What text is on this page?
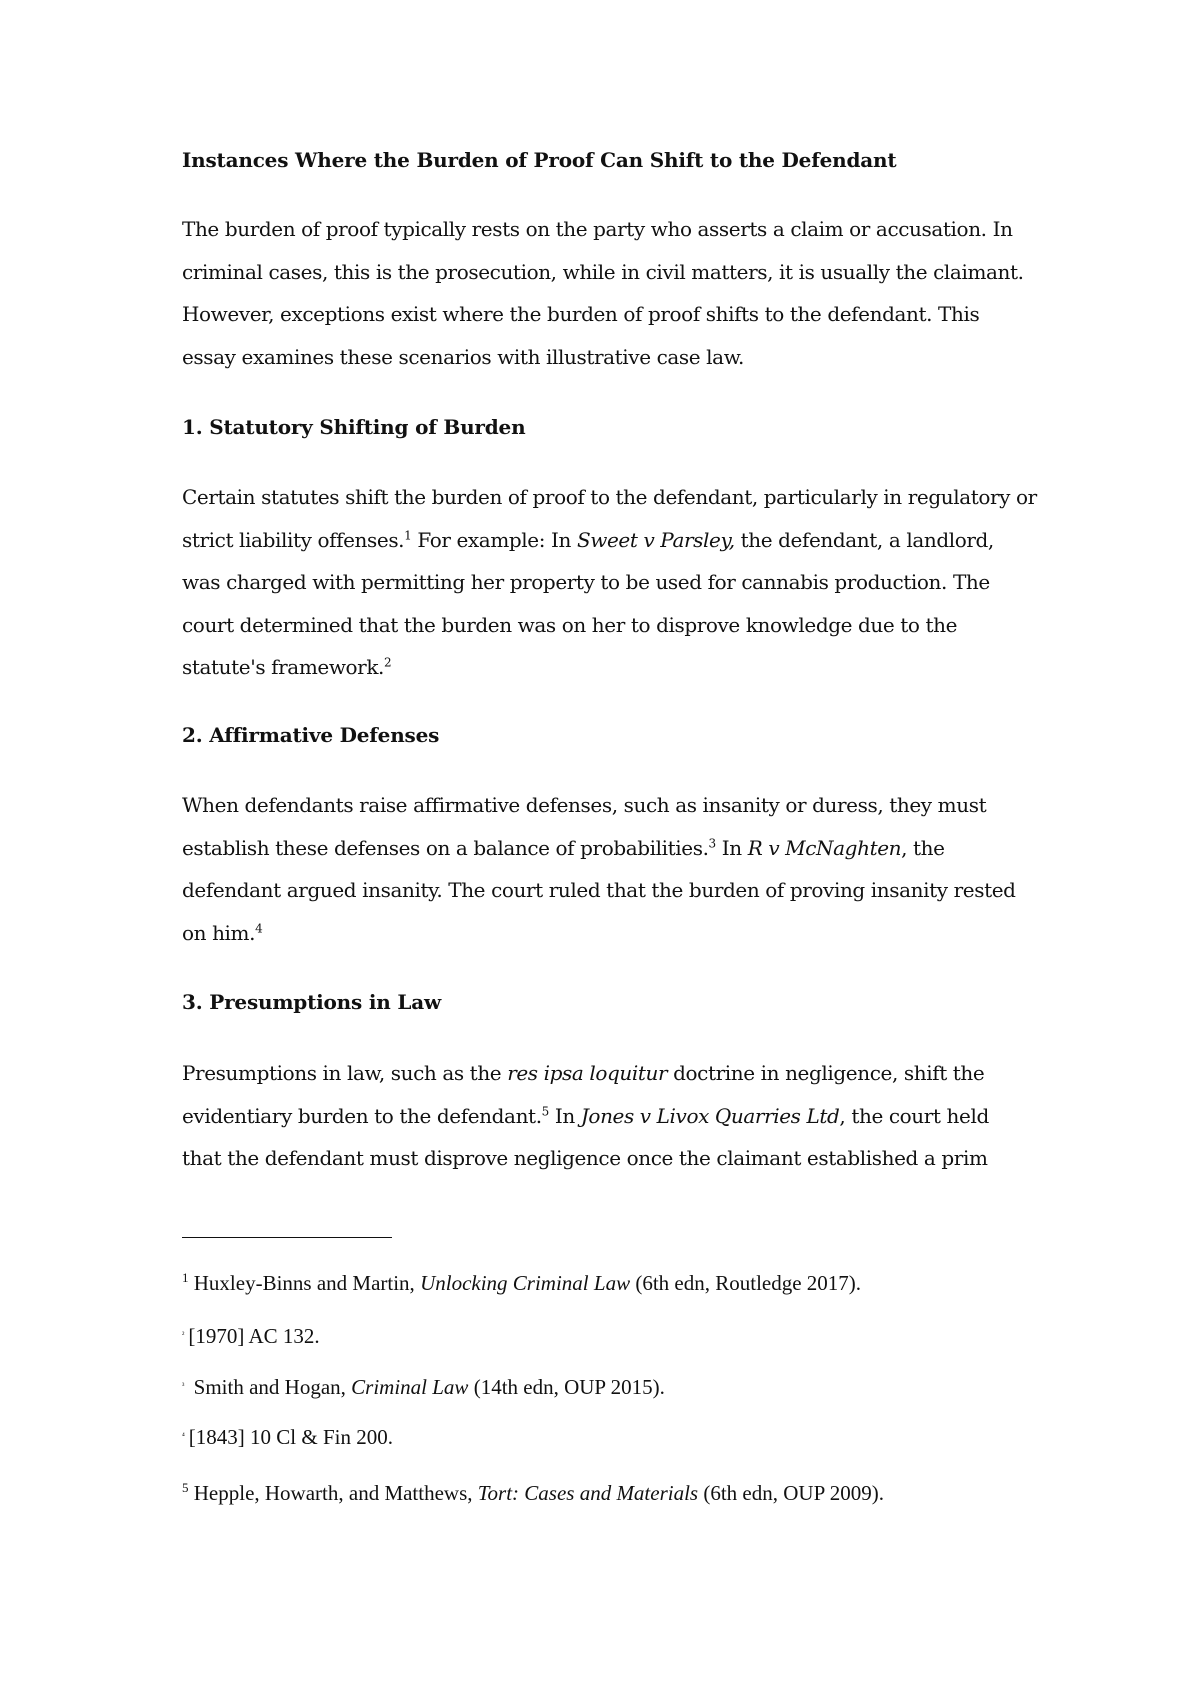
Instances Where the Burden of Proof Can Shift to the Defendant
The burden of proof typically rests on the party who asserts a claim or accusation. In
criminal cases, this is the prosecution, while in civil matters, it is usually the claimant.
However, exceptions exist where the burden of proof shifts to the defendant. This
essay examines these scenarios with illustrative case law.
1. Statutory Shifting of Burden
Certain statutes shift the burden of proof to the defendant, particularly in regulatory or
strict liability offenses.$^1$ For example: In Sweet v Parsley, the defendant, a landlord,
was charged with permitting her property to be used for cannabis production. The
court determined that the burden was on her to disprove knowledge due to the
statute's framework.$^2$
2. Affirmative Defenses
When defendants raise affirmative defenses, such as insanity or duress, they must
establish these defenses on a balance of probabilities.$^3$ In R v McNaghten, the
defendant argued insanity. The court ruled that the burden of proving insanity rested
on him.$^4$
3. Presumptions in Law
Presumptions in law, such as the res ipsa loquitur doctrine in negligence, shift the
evidentiary burden to the defendant.$^5$ In Jones v Livox Quarries Ltd, the court held
that the defendant must disprove negligence once the claimant established a prim
$^1$ Huxley-Binns and Martin, Unlocking Criminal Law (6th edn, Routledge 2017).
$^{^2}$ [1970] AC 132.
$^{^3}$ Smith and Hogan, Criminal Law (14th edn, OUP 2015).
$^{^4}$ [1843] 10 Cl & Fin 200.
$^5$ Hepple, Howarth, and Matthews, Tort: Cases and Materials (6th edn, OUP 2009).
